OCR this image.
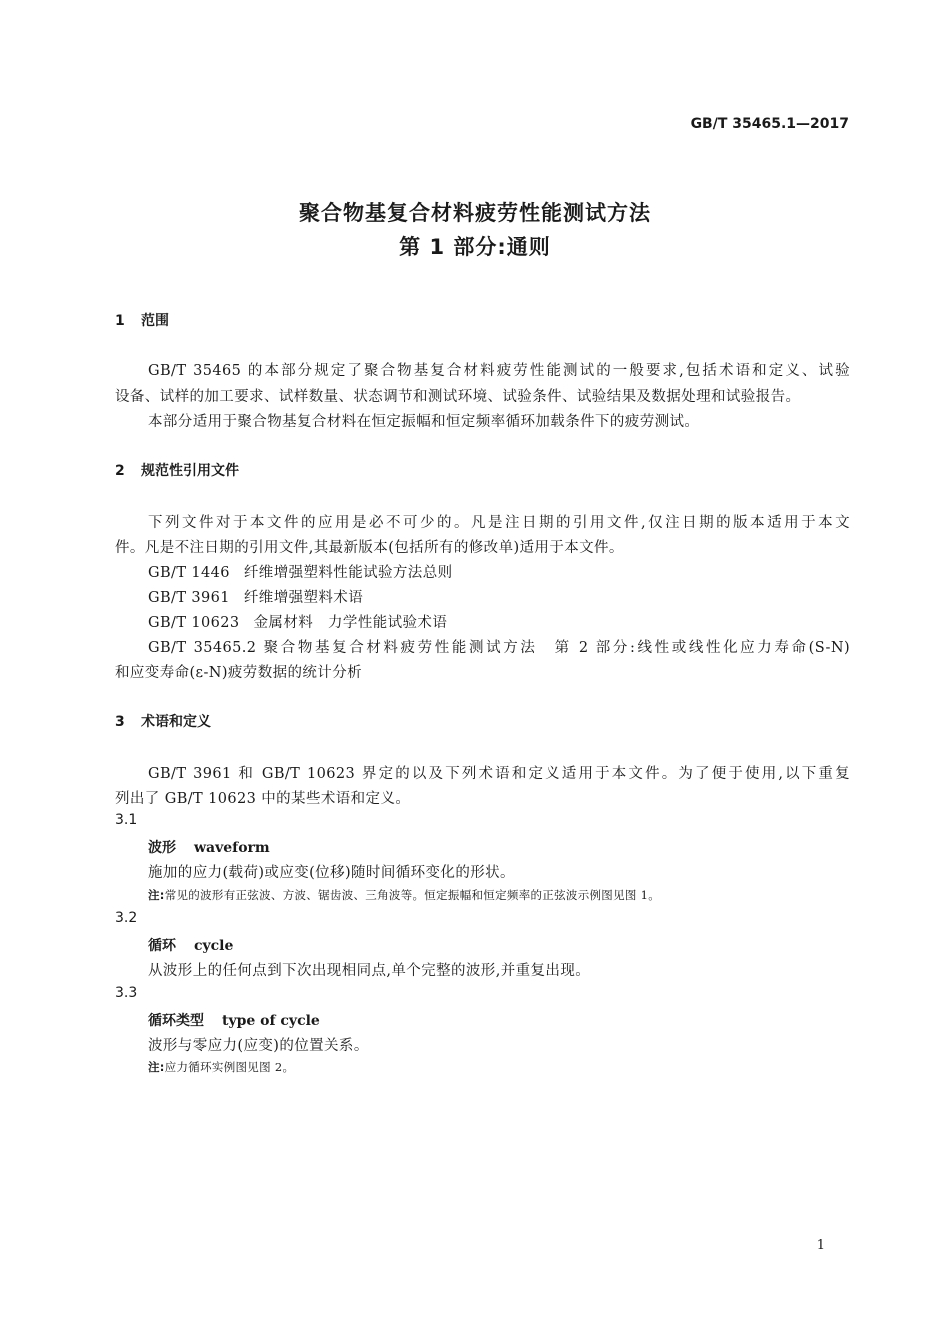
GB/T 35465.1—2017
聚合物基复合材料疲劳性能测试方法
第 1 部分:通则
1 范围
GB/T 35465 的本部分规定了聚合物基复合材料疲劳性能测试的一般要求,包括术语和定义、试验
设备、试样的加工要求、试样数量、状态调节和测试环境、试验条件、试验结果及数据处理和试验报告。
本部分适用于聚合物基复合材料在恒定振幅和恒定频率循环加载条件下的疲劳测试。
2 规范性引用文件
下列文件对于本文件的应用是必不可少的。凡是注日期的引用文件,仅注日期的版本适用于本文
件。凡是不注日期的引用文件,其最新版本(包括所有的修改单)适用于本文件。
GB/T 1446 纤维增强塑料性能试验方法总则
GB/T 3961 纤维增强塑料术语
GB/T 10623 金属材料　力学性能试验术语
GB/T 35465.2 聚合物基复合材料疲劳性能测试方法　第 2 部分:线性或线性化应力寿命(S-N)
和应变寿命(ε-N)疲劳数据的统计分析
3 术语和定义
GB/T 3961 和 GB/T 10623 界定的以及下列术语和定义适用于本文件。为了便于使用,以下重复
列出了 GB/T 10623 中的某些术语和定义。
3.1
波形 waveform
施加的应力(载荷)或应变(位移)随时间循环变化的形状。
注:常见的波形有正弦波、方波、锯齿波、三角波等。恒定振幅和恒定频率的正弦波示例图见图 1。
3.2
循环 cycle
从波形上的任何点到下次出现相同点,单个完整的波形,并重复出现。
3.3
循环类型 type of cycle
波形与零应力(应变)的位置关系。
注:应力循环实例图见图 2。
1
